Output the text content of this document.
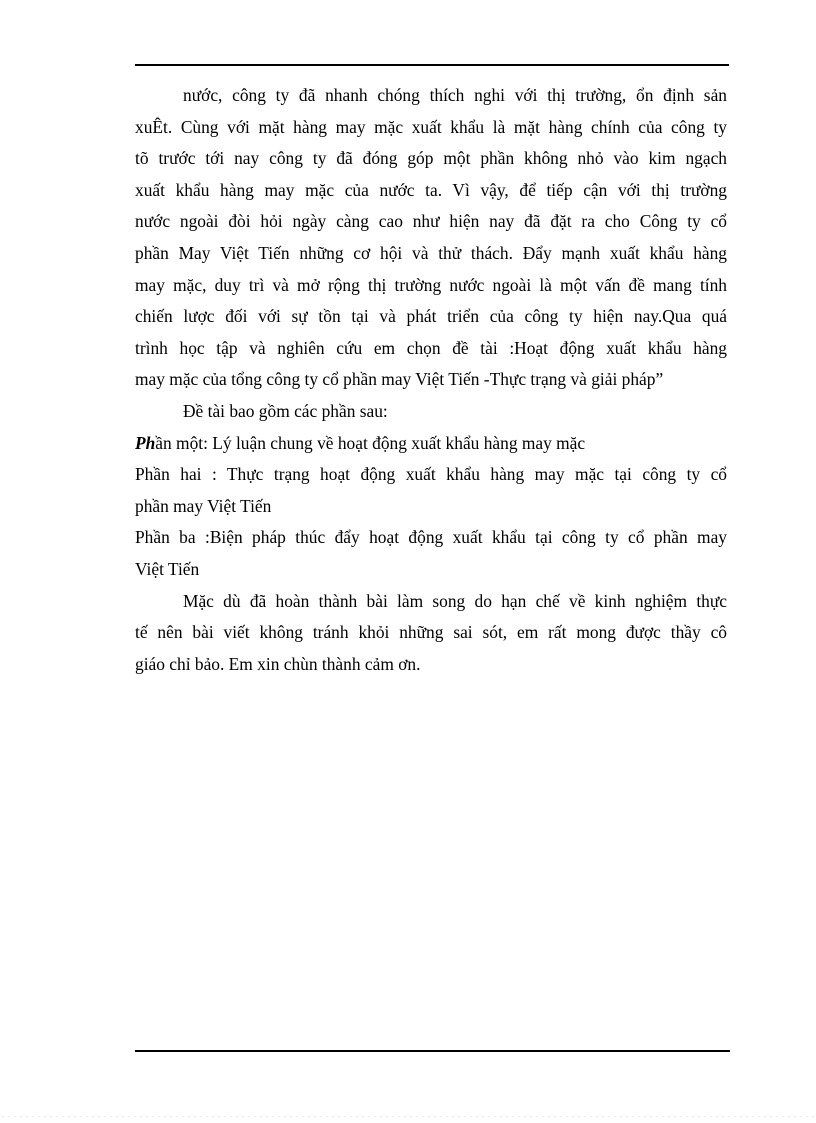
nước, công ty đã nhanh chóng thích nghi với thị trường, ổn định sản
xuÊt. Cùng với mặt hàng may mặc xuất khẩu là mặt hàng chính của công ty
tõ trước tới nay công ty đã đóng góp một phần không nhỏ vào kim ngạch
xuất khẩu hàng may mặc của nước ta. Vì vậy, để tiếp cận với thị trường
nước ngoài đòi hỏi ngày càng cao như hiện nay đã đặt ra cho Công ty cổ
phần May Việt Tiến những cơ hội và thử thách. Đẩy mạnh xuất khẩu hàng
may mặc, duy trì và mở rộng thị trường nước ngoài là một vấn đề mang tính
chiến lược đối với sự tồn tại và phát triển của công ty hiện nay.Qua quá
trình học tập và nghiên cứu em chọn đề tài :Hoạt động xuất khẩu hàng
may mặc của tổng công ty cổ phần may Việt Tiến -Thực trạng và giải pháp”
Đề tài bao gồm các phần sau:
Phần một: Lý luận chung về hoạt động xuất khẩu hàng may mặc
Phần hai : Thực trạng hoạt động xuất khẩu hàng may mặc tại công ty cổ
phần may Việt Tiến
Phần ba :Biện pháp thúc đẩy hoạt động xuất khẩu tại công ty cổ phần may
Việt Tiến
Mặc dù đã hoàn thành bài làm song do hạn chế về kinh nghiệm thực
tế nên bài viết không tránh khỏi những sai sót, em rất mong được thầy cô
giáo chỉ bảo. Em xin chùn thành cảm ơn.
